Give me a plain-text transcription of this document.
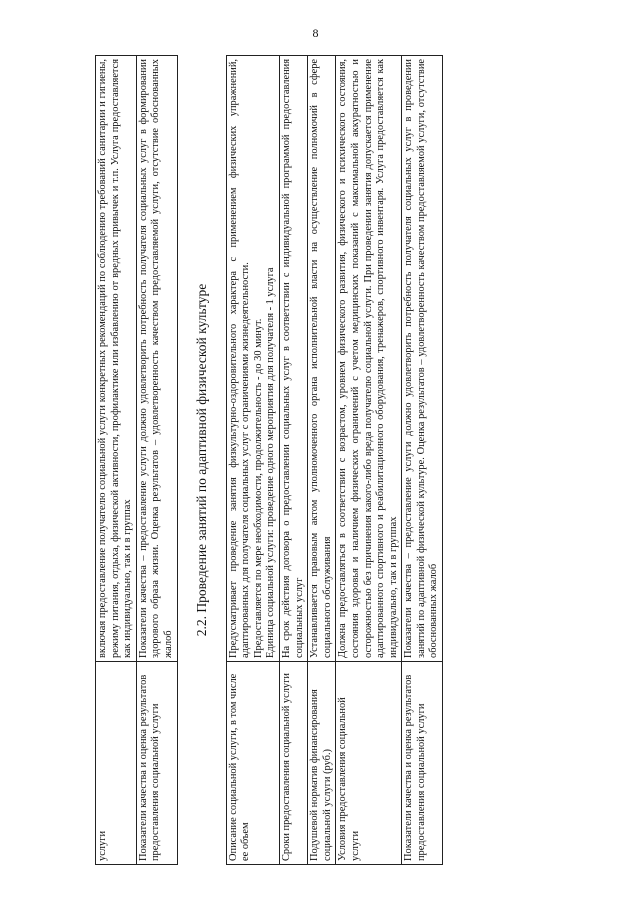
8
услуги	включая предоставление получателю социальной услуги конкретных рекомендаций по соблюдению требований санитарии и гигиены, режиму питания, отдыха, физической активности, профилактике или избавлению от вредных привычек и т.п. Услуга предоставляется как индивидуально, так и в группах
Показатели качества и оценка результатов предоставления социальной услуги	Показатели качества – предоставление услуги должно удовлетворить потребность получателя социальных услуг в формировании здорового образа жизни. Оценка результатов – удовлетворенность качеством предоставляемой услуги, отсутствие обоснованных жалоб
2.2. Проведение занятий по адаптивной физической культуре
Описание социальной услуги, в том числе ее объем	Предусматривает проведение занятия физкультурно-оздоровительного характера с применением физических упражнений, адаптированных для получателя социальных услуг с ограничениями жизнедеятельности. Предоставляется по мере необходимости, продолжительность - до 30 минут. Единица социальной услуги: проведение одного мероприятия для получателя - 1 услуга

Сроки предоставления социальной услуги	На срок действия договора о предоставлении социальных услуг в соответствии с индивидуальной программой предоставления социальных услуг

Подушевой норматив финансирования социальной услуги (руб.)	Устанавливается правовым актом уполномоченного органа исполнительной власти на осуществление полномочий в сфере социального обслуживания

Условия предоставления социальной услуги	Должна предоставляться в соответствии с возрастом, уровнем физического развития, физического и психического состояния, состояния здоровья и наличием физических ограничений с учетом медицинских показаний с максимальной аккуратностью и осторожностью без причинения какого-либо вреда получателю социальной услуги. При проведении занятия допускается применение адаптированного спортивного и реабилитационного оборудования, тренажеров, спортивного инвентаря. Услуга предоставляется как индивидуально, так и в группах

Показатели качества и оценка результатов предоставления социальной услуги	Показатели качества – предоставление услуги должно удовлетворить потребность получателя социальных услуг в проведении занятий по адаптивной физической культуре. Оценка результатов – удовлетворенность качеством предоставляемой услуги, отсутствие обоснованных жалоб
